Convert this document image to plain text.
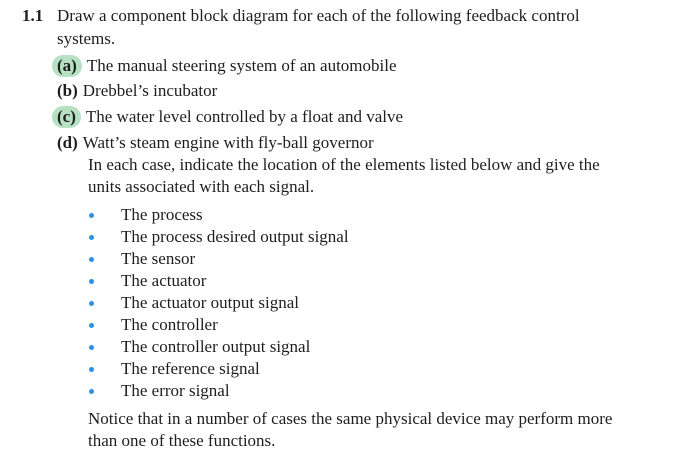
1.1 Draw a component block diagram for each of the following feedback control
systems.
(a) The manual steering system of an automobile
(b) Drebbel’s incubator
(c) The water level controlled by a float and valve
(d) Watt’s steam engine with fly-ball governor
In each case, indicate the location of the elements listed below and give the
units associated with each signal.
The process
The process desired output signal
The sensor
The actuator
The actuator output signal
The controller
The controller output signal
The reference signal
The error signal
Notice that in a number of cases the same physical device may perform more
than one of these functions.
